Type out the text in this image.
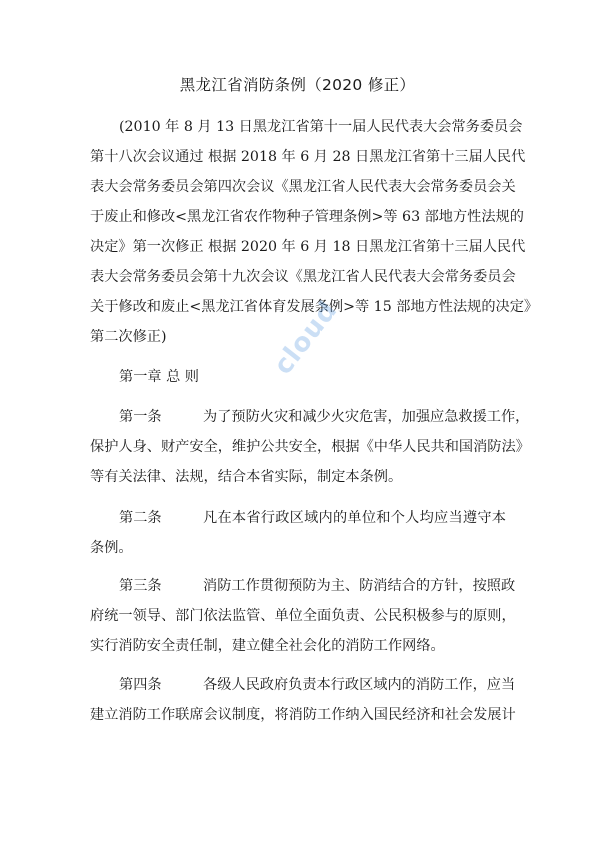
黑龙江省消防条例（2020 修正）
(2010 年 8 月 13 日黑龙江省第十一届人民代表大会常务委员会
第十八次会议通过 根据 2018 年 6 月 28 日黑龙江省第十三届人民代
表大会常务委员会第四次会议《黑龙江省人民代表大会常务委员会关
于废止和修改<黑龙江省农作物种子管理条例>等 63 部地方性法规的
决定》第一次修正 根据 2020 年 6 月 18 日黑龙江省第十三届人民代
表大会常务委员会第十九次会议《黑龙江省人民代表大会常务委员会
关于修改和废止<黑龙江省体育发展条例>等 15 部地方性法规的决定》
第二次修正)
第一章 总 则
第一条	为了预防火灾和减少火灾危害，加强应急救援工作，
保护人身、财产安全，维护公共安全，根据《中华人民共和国消防法》
等有关法律、法规，结合本省实际，制定本条例。
第二条	凡在本省行政区域内的单位和个人均应当遵守本
条例。
第三条	消防工作贯彻预防为主、防消结合的方针，按照政
府统一领导、部门依法监管、单位全面负责、公民积极参与的原则，
实行消防安全责任制，建立健全社会化的消防工作网络。
第四条	各级人民政府负责本行政区域内的消防工作，应当
建立消防工作联席会议制度，将消防工作纳入国民经济和社会发展计
cloud
